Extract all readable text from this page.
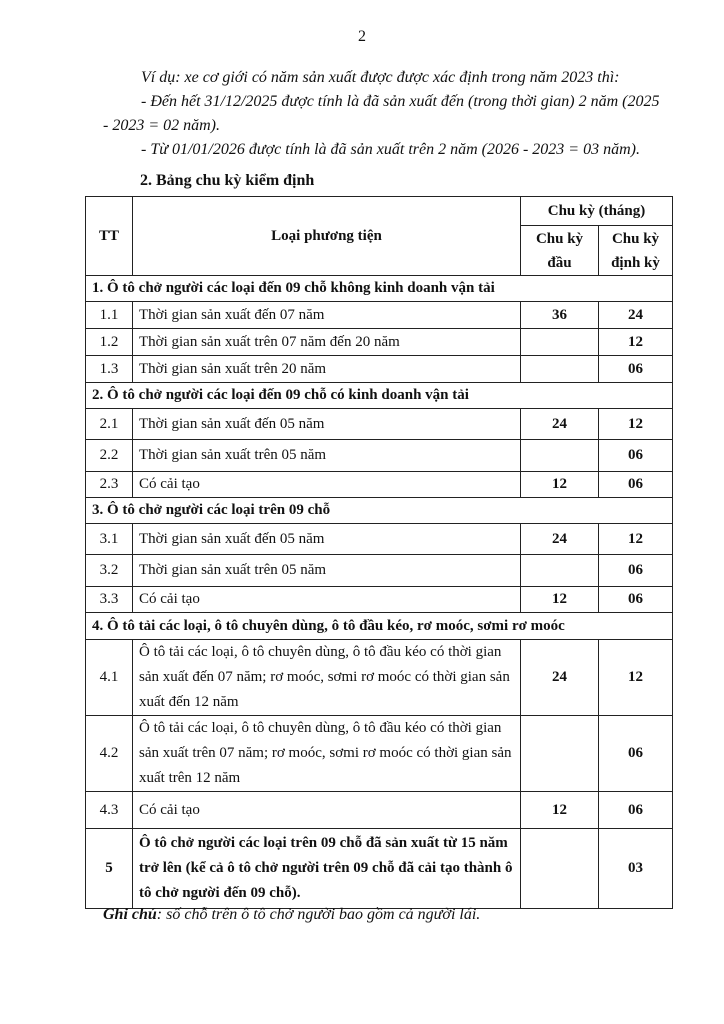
2

Ví dụ: xe cơ giới có năm sản xuất được được xác định trong năm 2023 thì:

- Đến hết 31/12/2025 được tính là đã sản xuất đến (trong thời gian) 2 năm (2025 - 2023 = 02 năm).

- Từ 01/01/2026 được tính là đã sản xuất trên 2 năm (2026 - 2023 = 03 năm).

2. Bảng chu kỳ kiểm định
TT	Loại phương tiện	Chu kỳ (tháng)	
		Chu kỳ đầu	Chu kỳ định kỳ
1. Ô tô chở người các loại đến 09 chỗ không kinh doanh vận tải			
1.1	Thời gian sản xuất đến 07 năm	36	24
1.2	Thời gian sản xuất trên 07 năm đến 20 năm		12
1.3	Thời gian sản xuất trên 20 năm		06
2. Ô tô chở người các loại đến 09 chỗ có kinh doanh vận tải			
2.1	Thời gian sản xuất đến 05 năm	24	12
2.2	Thời gian sản xuất trên 05 năm		06
2.3	Có cải tạo	12	06
3. Ô tô chở người các loại trên 09 chỗ			
3.1	Thời gian sản xuất đến 05 năm	24	12
3.2	Thời gian sản xuất trên 05 năm		06
3.3	Có cải tạo	12	06
4. Ô tô tải các loại, ô tô chuyên dùng, ô tô đầu kéo, rơ moóc, sơmi rơ moóc			
4.1	Ô tô tải các loại, ô tô chuyên dùng, ô tô đầu kéo có thời gian sản xuất đến 07 năm; rơ moóc, sơmi rơ moóc có thời gian sản xuất đến 12 năm	24	12
4.2	Ô tô tải các loại, ô tô chuyên dùng, ô tô đầu kéo có thời gian sản xuất trên 07 năm; rơ moóc, sơmi rơ moóc có thời gian sản xuất trên 12 năm		06
4.3	Có cải tạo	12	06
5	Ô tô chở người các loại trên 09 chỗ đã sản xuất từ 15 năm trở lên (kể cả ô tô chở người trên 09 chỗ đã cải tạo thành ô tô chở người đến 09 chỗ).		03
Ghi chú: số chỗ trên ô tô chở người bao gồm cả người lái.
